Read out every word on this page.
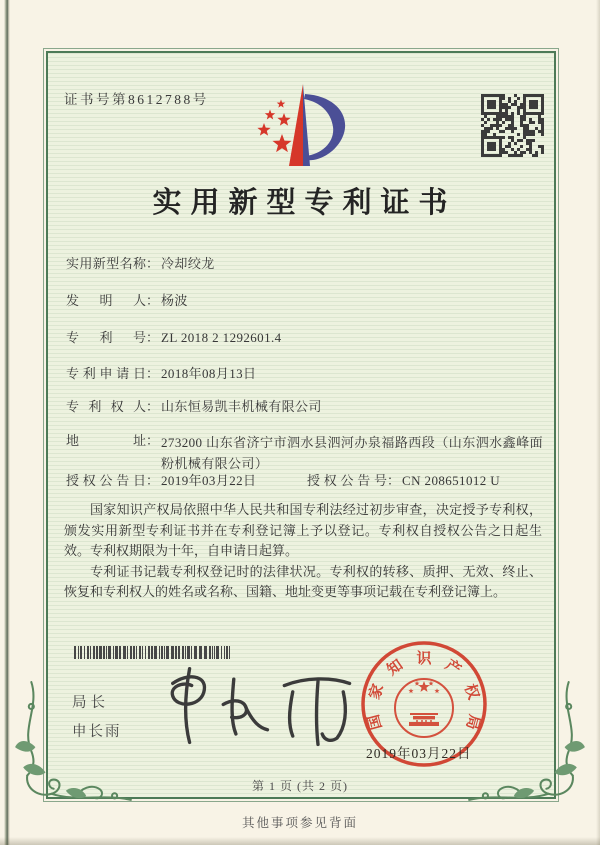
证书号第8612788号
实用新型专利证书
实用新型名称 ： 冷却绞龙
发明人 ： 杨波
专利号 ： ZL 2018 2 1292601.4
专利申请日 ： 2018年08月13日
专利权人 ： 山东恒易凯丰机械有限公司
地址 ： 273200 山东省济宁市泗水县泗河办泉福路西段（山东泗水鑫峰面粉机械有限公司）
授权公告日 ： 2019年03月22日	授权公告号 ： CN 208651012 U

国家知识产权局依照中华人民共和国专利法经过初步审查，决定授予专利权，颁发实用新型专利证书并在专利登记簿上予以登记。专利权自授权公告之日起生效。专利权期限为十年，自申请日起算。

专利证书记载专利权登记时的法律状况。专利权的转移、质押、无效、终止、恢复和专利权人的姓名或名称、国籍、地址变更等事项记载在专利登记簿上。

局长
申长雨
国
家
知 识 产
权
局
2019年03月22日
第 1 页 (共 2 页)
其他事项参见背面
